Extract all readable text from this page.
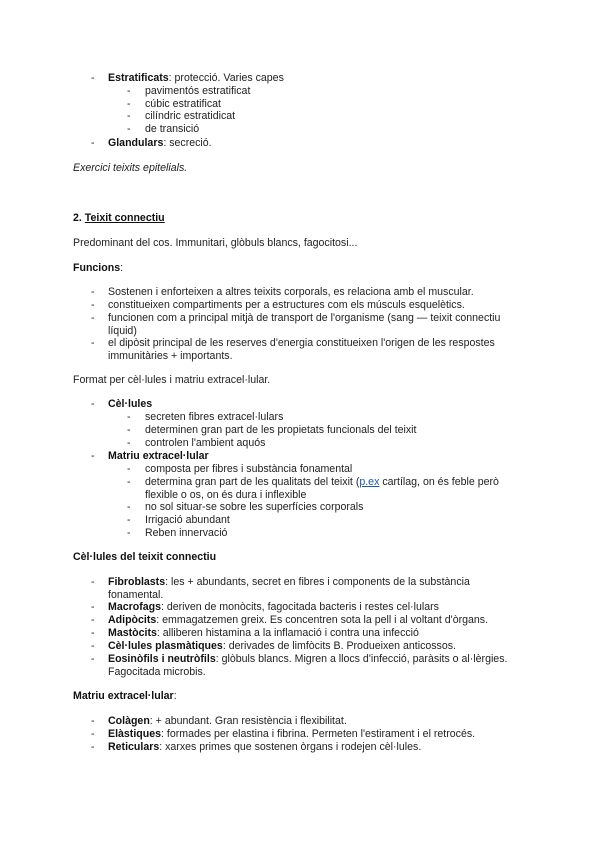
- Estratificats: protecció. Varies capes
- pavimentós estratificat
- cúbic estratificat
- cilíndric estratidicat
- de transició
- Glandulars: secreció.
Exercici teixits epitelials.
2. Teixit connectiu
Predominant del cos. Immunitari, glòbuls blancs, fagocitosi...
Funcions:
- Sostenen i enforteixen a altres teixits corporals, es relaciona amb el muscular.
- constitueixen compartiments per a estructures com els músculs esquelètics.
- funcionen com a principal mitjà de transport de l'organisme (sang — teixit connectiu líquid)
- el dipòsit principal de les reserves d'energia constitueixen l'origen de les respostes immunitàries + importants.
Format per cèl·lules i matriu extracel·lular.
- Cèl·lules
- secreten fibres extracel·lulars
- determinen gran part de les propietats funcionals del teixit
- controlen l'ambient aquós
- Matriu extracel·lular
- composta per fibres i substància fonamental
- determina gran part de les qualitats del teixit (p.ex cartílag, on és feble però flexible o os, on és dura i inflexible
- no sol situar-se sobre les superfícies corporals
- Irrigació abundant
- Reben innervació
Cèl·lules del teixit connectiu
- Fibroblasts: les + abundants, secret en fibres i components de la substància fonamental.
- Macrofags: deriven de monòcits, fagocitada bacteris i restes cel·lulars
- Adipòcits: emmagatzemen greix. Es concentren sota la pell i al voltant d'òrgans.
- Mastòcits: alliberen histamina a la inflamació i contra una infecció
- Cèl·lules plasmàtiques: derivades de limfòcits B. Produeixen anticossos.
- Eosinòfils i neutròfils: glòbuls blancs. Migren a llocs d'infecció, paràsits o al·lèrgies. Fagocitada microbis.
Matriu extracel·lular:
- Colàgen: + abundant. Gran resistència i flexibilitat.
- Elàstiques: formades per elastina i fibrina. Permeten l'estirament i el retrocés.
- Reticulars: xarxes primes que sostenen òrgans i rodejen cèl·lules.
